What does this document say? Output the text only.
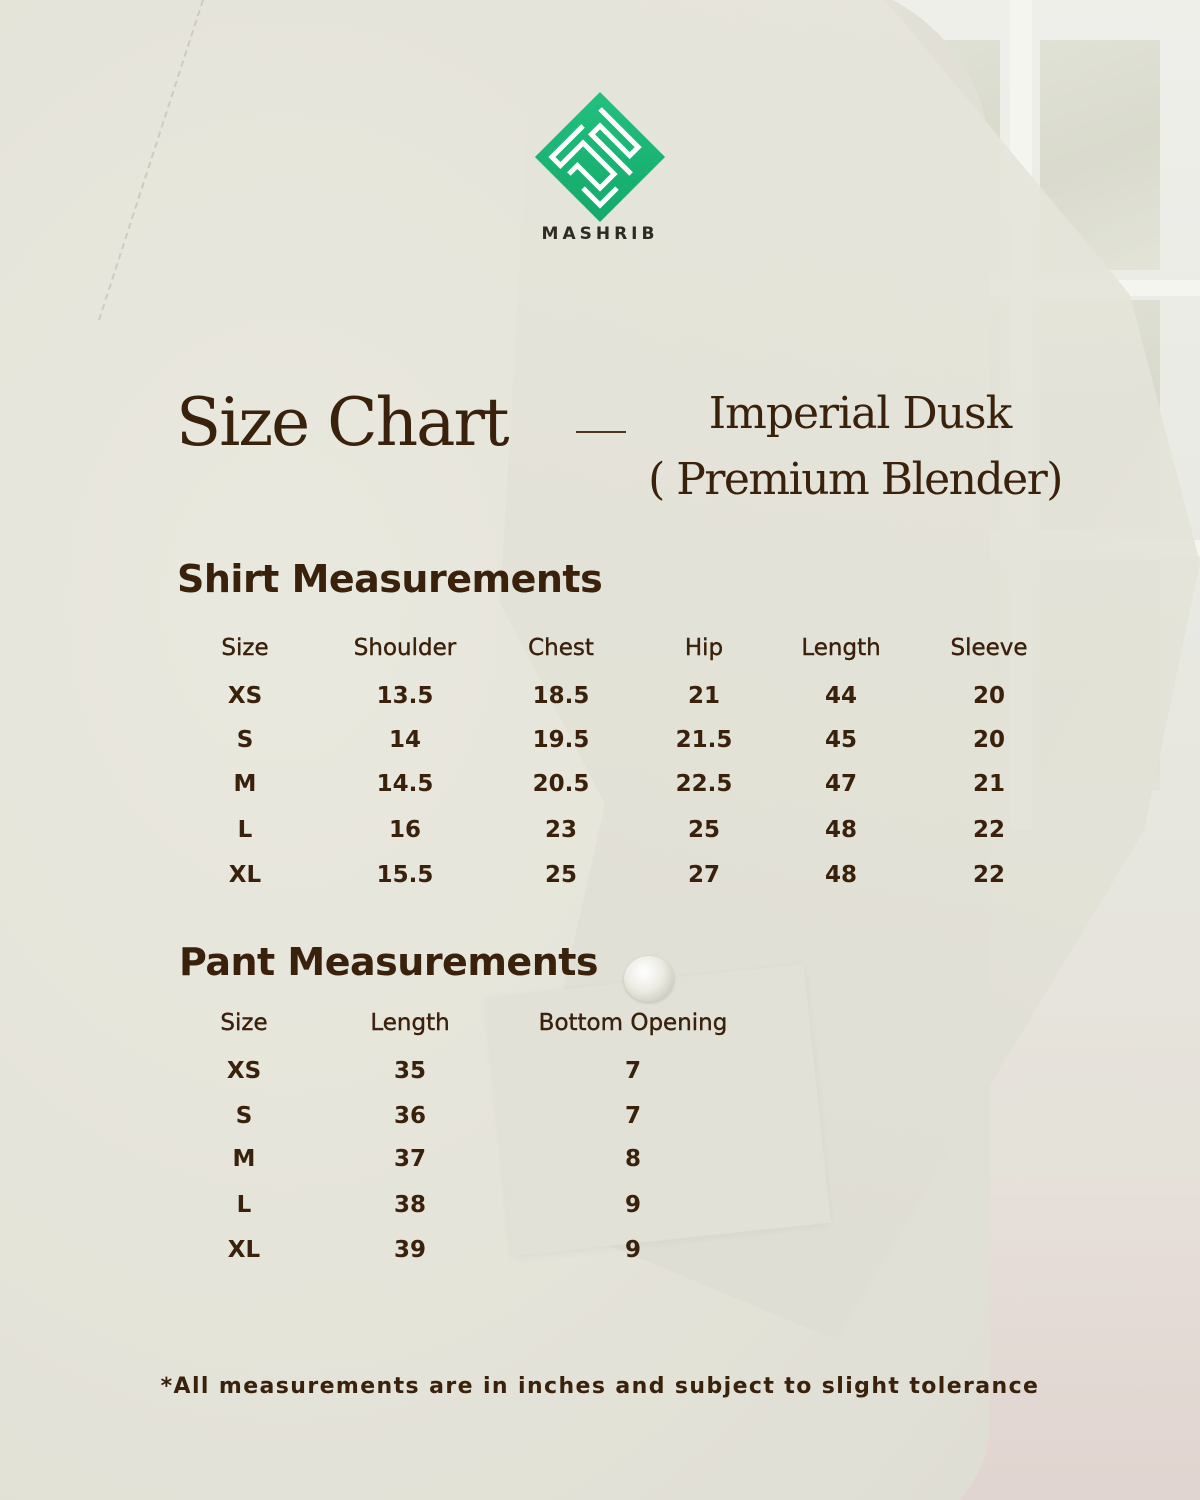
MASHRIB
Size Chart	Imperial Dusk
( Premium Blender)
Shirt Measurements
Size	Shoulder	Chest	Hip	Length	Sleeve
XS	13.5	18.5	21	44	20
S	14	19.5	21.5	45	20
M	14.5	20.5	22.5	47	21
L	16	23	25	48	22
XL	15.5	25	27	48	22
Pant Measurements
Size	Length	Bottom Opening
XS	35	7
S	36	7
M	37	8
L	38	9
XL	39	9
*All measurements are in inches and subject to slight tolerance
